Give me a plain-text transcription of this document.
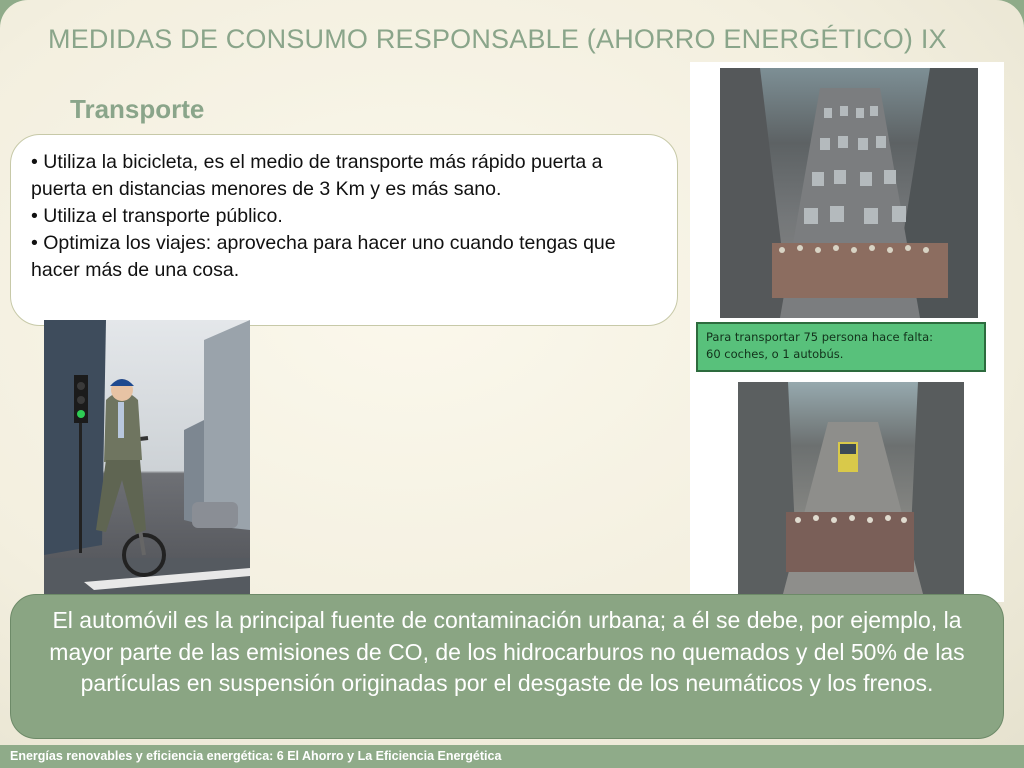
MEDIDAS DE CONSUMO RESPONSABLE (AHORRO ENERGÉTICO) IX
Transporte

• Utiliza la bicicleta, es el medio de transporte más rápido puerta a puerta en distancias menores de 3 Km y es más sano.

• Utiliza el transporte público.

• Optimiza los viajes: aprovecha para hacer uno cuando tengas que hacer más de una cosa.

Para transportar 75 persona hace falta:
60 coches, o 1 autobús.
El automóvil es la principal fuente de contaminación urbana; a él se debe, por ejemplo, la mayor parte de las emisiones de CO, de los hidrocarburos no quemados y del 50% de las partículas en suspensión originadas por el desgaste de los neumáticos y los frenos.
Energías renovables y eficiencia energética: 6 El Ahorro y La Eficiencia Energética
